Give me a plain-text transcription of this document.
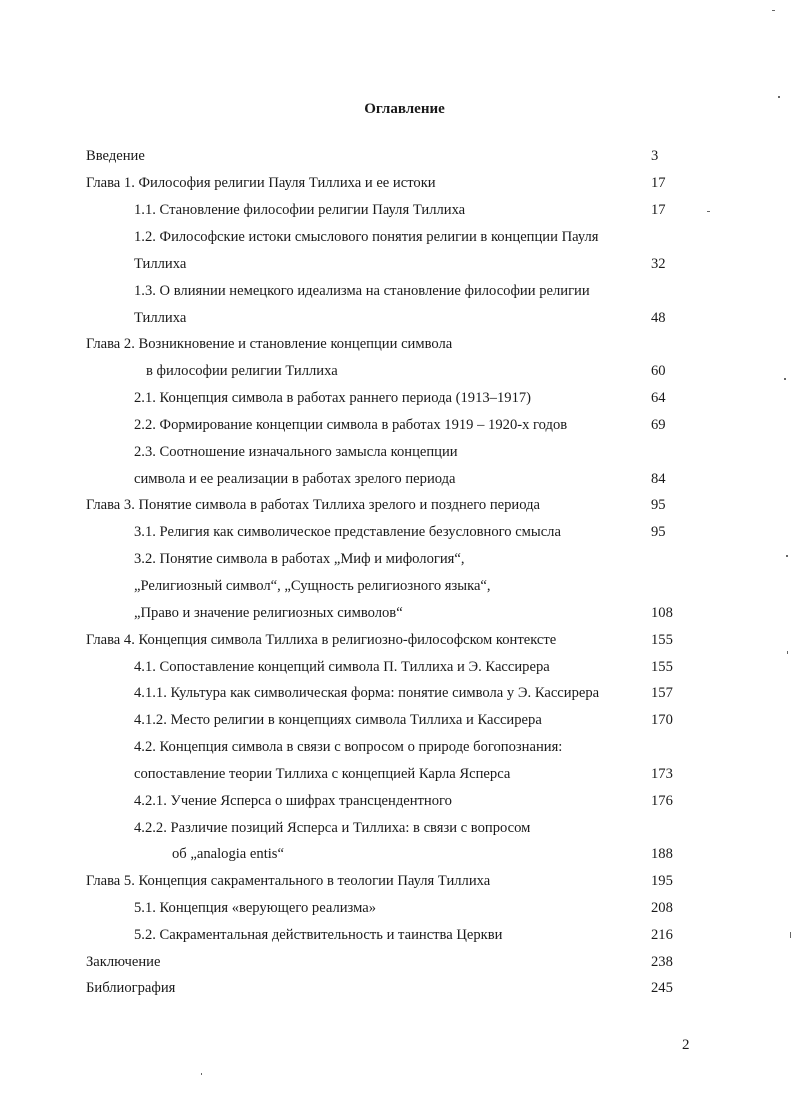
Оглавление
Введение	3
Глава 1. Философия религии Пауля Тиллиха и ее истоки	17
1.1. Становление философии религии Пауля Тиллиха	17
1.2. Философские истоки смыслового понятия религии в концепции Пауля
Тиллиха	32
1.3. О влиянии немецкого идеализма на становление философии религии
Тиллиха	48
Глава 2. Возникновение и становление концепции символа
в философии религии Тиллиха	60
2.1. Концепция символа в работах раннего периода (1913–1917)	64
2.2. Формирование концепции символа в работах 1919 – 1920-х годов	69
2.3. Соотношение изначального замысла концепции
символа и ее реализации в работах зрелого периода	84
Глава 3. Понятие символа в работах Тиллиха зрелого и позднего периода	95
3.1. Религия как символическое представление безусловного смысла	95
3.2. Понятие символа в работах „Миф и мифология“,
„Религиозный символ“, „Сущность религиозного языка“,
„Право и значение религиозных символов“	108
Глава 4. Концепция символа Тиллиха в религиозно-философском контексте	155
4.1. Сопоставление концепций символа П. Тиллиха и Э. Кассирера	155
4.1.1. Культура как символическая форма: понятие символа у Э. Кассирера	157
4.1.2. Место религии в концепциях символа Тиллиха и Кассирера	170
4.2. Концепция символа в связи с вопросом о природе богопознания:
сопоставление теории Тиллиха с концепцией Карла Ясперса	173
4.2.1. Учение Ясперса о шифрах трансцендентного	176
4.2.2. Различие позиций Ясперса и Тиллиха: в связи с вопросом
об „analogia entis“	188
Глава 5. Концепция сакраментального в теологии Пауля Тиллиха	195
5.1. Концепция «верующего реализма»	208
5.2. Сакраментальная действительность и таинства Церкви	216
Заключение	238
Библиография	245
2
